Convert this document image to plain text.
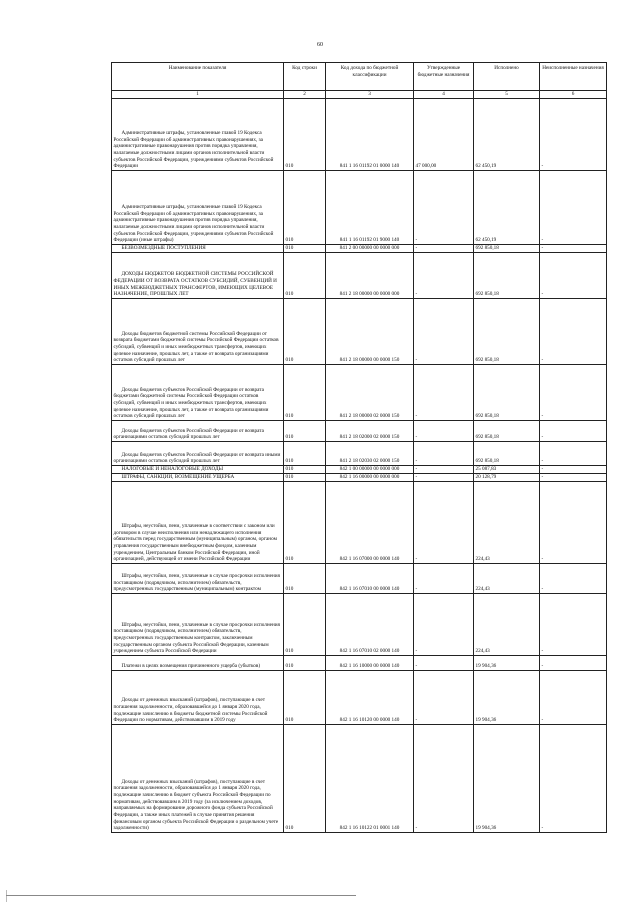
60
Наименование показателя	Код строки	Код дохода по бюджетной классификации	Утвержденные бюджетные назначения	Исполнено	Неисполненные назначения
1	2	3	4	5	6
Административные штрафы, установленные главой 19 Кодекса Российской Федерации об административных правонарушениях, за административные правонарушения против порядка управления, налагаемые должностными лицами органов исполнительной власти субъектов Российской Федерации, учреждениями субъектов Российской Федерации	010	841 1 16 01192 01 0000 140	47 000,00	62 450,19	-
Административные штрафы, установленные главой 19 Кодекса Российской Федерации об административных правонарушениях, за административные правонарушения против порядка управления, налагаемые должностными лицами органов исполнительной власти субъектов Российской Федерации, учреждениями субъектов Российской Федерации (иные штрафы)	010	841 1 16 01192 01 9000 140	-	62 450,19	-
БЕЗВОЗМЕЗДНЫЕ ПОСТУПЛЕНИЯ	010	841 2 00 00000 00 0000 000	-	692 850,18	-
ДОХОДЫ БЮДЖЕТОВ БЮДЖЕТНОЙ СИСТЕМЫ РОССИЙСКОЙ ФЕДЕРАЦИИ ОТ ВОЗВРАТА ОСТАТКОВ СУБСИДИЙ, СУБВЕНЦИЙ И ИНЫХ МЕЖБЮДЖЕТНЫХ ТРАНСФЕРТОВ, ИМЕЮЩИХ ЦЕЛЕВОЕ НАЗНАЧЕНИЕ, ПРОШЛЫХ ЛЕТ	010	841 2 18 00000 00 0000 000	-	692 850,18	-
Доходы бюджетов бюджетной системы Российской Федерации от возврата бюджетами бюджетной системы Российской Федерации остатков субсидий, субвенций и иных межбюджетных трансфертов, имеющих целевое назначение, прошлых лет, а также от возврата организациями остатков субсидий прошлых лет	010	841 2 18 00000 00 0000 150	-	692 850,18	-
Доходы бюджетов субъектов Российской Федерации от возврата бюджетами бюджетной системы Российской Федерации остатков субсидий, субвенций и иных межбюджетных трансфертов, имеющих целевое назначение, прошлых лет, а также от возврата организациями остатков субсидий прошлых лет	010	841 2 18 00000 02 0000 150	-	692 850,18	-
Доходы бюджетов субъектов Российской Федерации от возврата организациями остатков субсидий прошлых лет	010	841 2 18 02000 02 0000 150	-	692 850,18	-
Доходы бюджетов субъектов Российской Федерации от возврата иными организациями остатков субсидий прошлых лет	010	841 2 18 02030 02 0000 150	-	692 850,18	-
НАЛОГОВЫЕ И НЕНАЛОГОВЫЕ ДОХОДЫ	010	842 1 00 00000 00 0000 000	-	25 087,83	-
ШТРАФЫ, САНКЦИИ, ВОЗМЕЩЕНИЕ УЩЕРБА	010	842 1 16 00000 00 0000 000	-	20 128,79	-
Штрафы, неустойки, пени, уплаченные в соответствии с законом или договором в случае неисполнения или ненадлежащего исполнения обязательств перед государственным (муниципальным) органом, органом управления государственным внебюджетным фондом, казенным учреждением, Центральным банком Российской Федерации, иной организацией, действующей от имени Российской Федерации	010	842 1 16 07000 00 0000 140	-	224,43	-
Штрафы, неустойки, пени, уплаченные в случае просрочки исполнения поставщиком (подрядчиком, исполнителем) обязательств, предусмотренных государственным (муниципальным) контрактом	010	842 1 16 07010 00 0000 140	-	224,43	-
Штрафы, неустойки, пени, уплаченные в случае просрочки исполнения поставщиком (подрядчиком, исполнителем) обязательств, предусмотренных государственным контрактом, заключенным государственным органом субъекта Российской Федерации, казенным учреждением субъекта Российской Федерации	010	842 1 16 07010 02 0000 140	-	224,43	-
Платежи в целях возмещения причиненного ущерба (убытков)	010	842 1 16 10000 00 0000 140	-	19 904,36	-
Доходы от денежных взысканий (штрафов), поступающие в счет погашения задолженности, образовавшейся до 1 января 2020 года, подлежащие зачислению в бюджеты бюджетной системы Российской Федерации по нормативам, действовавшим в 2019 году	010	842 1 16 10120 00 0000 140	-	19 904,36	-
Доходы от денежных взысканий (штрафов), поступающие в счет погашения задолженности, образовавшейся до 1 января 2020 года, подлежащие зачислению в бюджет субъекта Российской Федерации по нормативам, действовавшим в 2019 году (за исключением доходов, направляемых на формирование дорожного фонда субъекта Российской Федерации, а также иных платежей в случае принятия решения финансовым органом субъекта Российской Федерации о раздельном учете задолженности)	010	842 1 16 10122 01 0001 140	-	19 904,36	-
